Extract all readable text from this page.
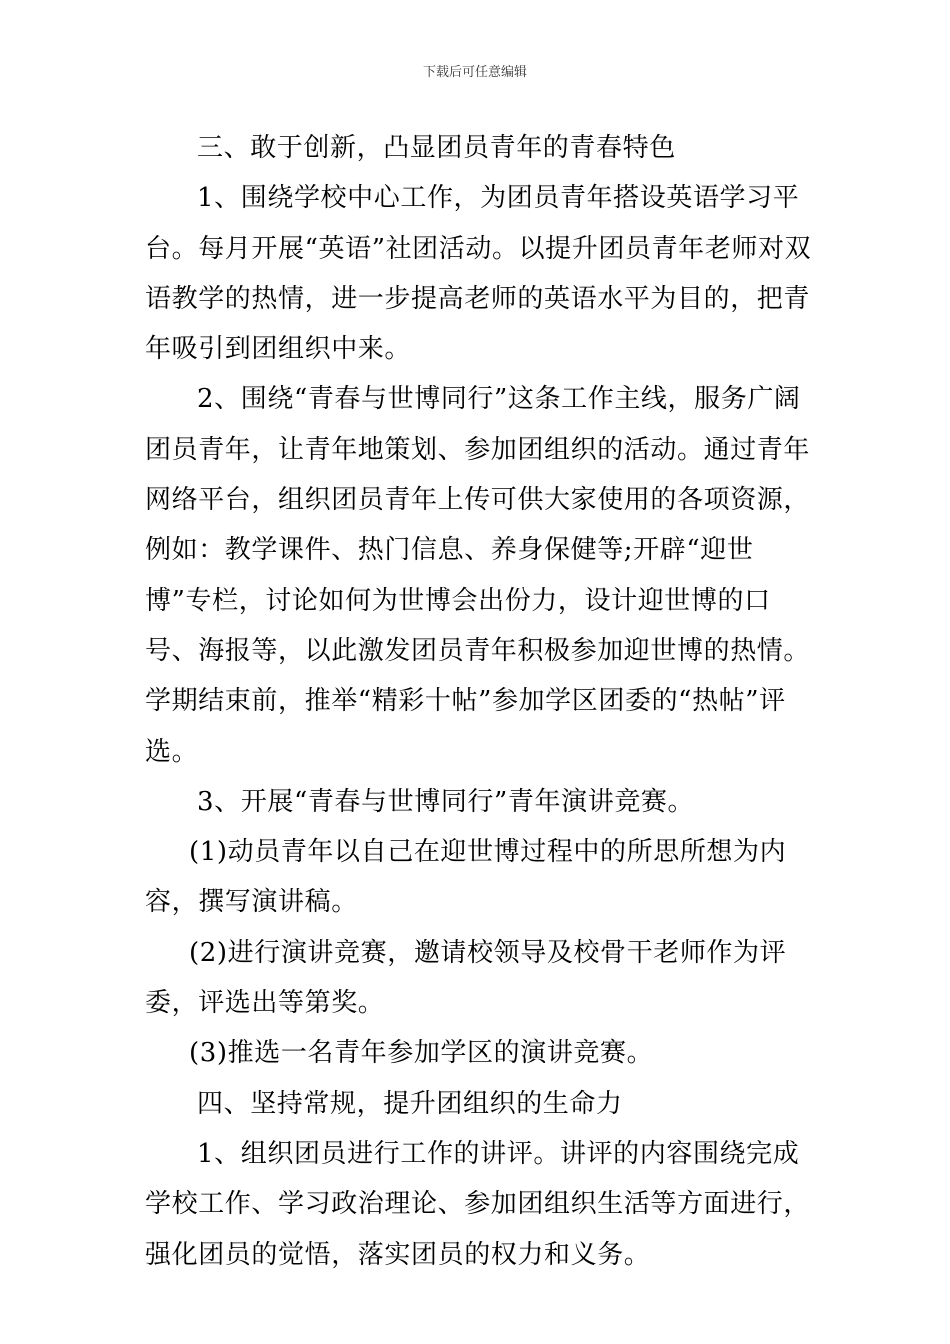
下载后可任意编辑

三、敢于创新，凸显团员青年的青春特色

1、围绕学校中心工作，为团员青年搭设英语学习平台。每月开展“英语”社团活动。以提升团员青年老师对双语教学的热情，进一步提高老师的英语水平为目的，把青年吸引到团组织中来。

2、围绕“青春与世博同行”这条工作主线，服务广阔团员青年，让青年地策划、参加团组织的活动。通过青年网络平台，组织团员青年上传可供大家使用的各项资源，例如：教学课件、热门信息、养身保健等;开辟“迎世博”专栏，讨论如何为世博会出份力，设计迎世博的口号、海报等，以此激发团员青年积极参加迎世博的热情。学期结束前，推举“精彩十帖”参加学区团委的“热帖”评选。

3、开展“青春与世博同行”青年演讲竞赛。

(1)动员青年以自己在迎世博过程中的所思所想为内容，撰写演讲稿。

(2)进行演讲竞赛，邀请校领导及校骨干老师作为评委，评选出等第奖。

(3)推选一名青年参加学区的演讲竞赛。

四、坚持常规，提升团组织的生命力

1、组织团员进行工作的讲评。讲评的内容围绕完成学校工作、学习政治理论、参加团组织生活等方面进行，强化团员的觉悟，落实团员的权力和义务。
